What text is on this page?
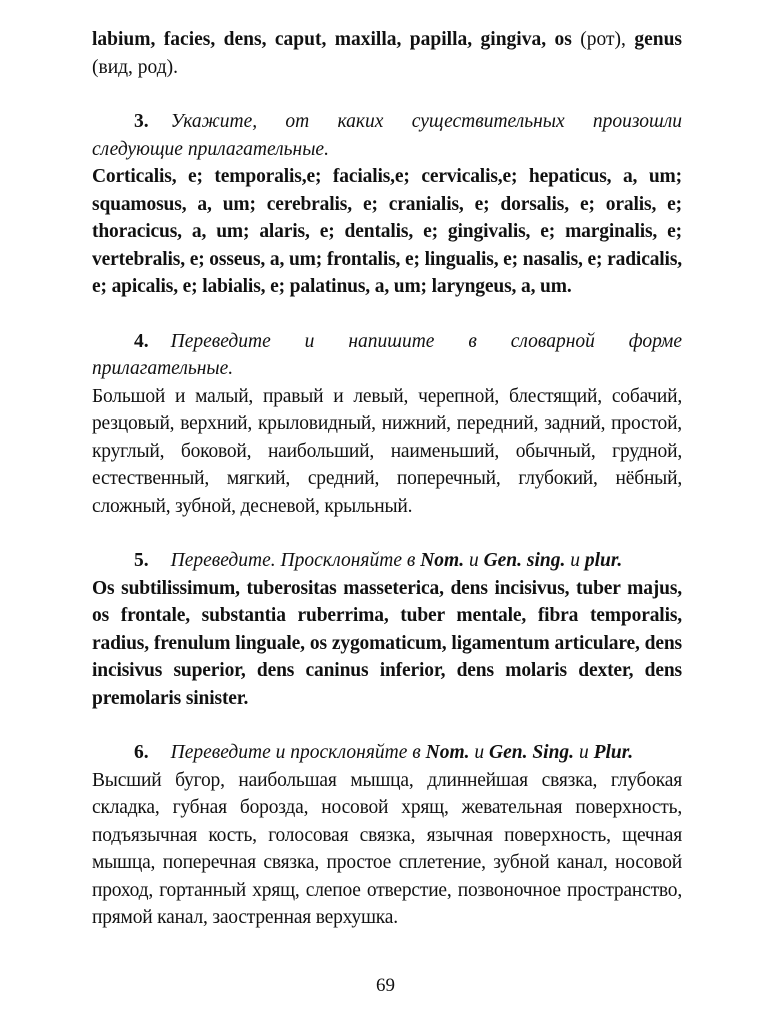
labium, facies, dens, caput, maxilla, papilla, gingiva, os (рот), genus (вид, род).

3. Укажите, от каких существительных произошли следующие прилагательные.

Corticalis, e; temporalis,e; facialis,e; cervicalis,e; hepaticus, a, um; squamosus, a, um; cerebralis, e; cranialis, e; dorsalis, e; oralis, e; thoracicus, a, um; alaris, e; dentalis, e; gingivalis, e; marginalis, e; vertebralis, e; osseus, a, um; frontalis, e; lingualis, e; nasalis, e; radicalis, e; apicalis, e; labialis, e; palatinus, a, um; laryngeus, a, um.

4. Переведите и напишите в словарной форме прилагательные.

Большой и малый, правый и левый, черепной, блестящий, собачий, резцовый, верхний, крыловидный, нижний, передний, задний, простой, круглый, боковой, наибольший, наименьший, обычный, грудной, естественный, мягкий, средний, поперечный, глубокий, нёбный, сложный, зубной, десневой, крыльный.

5. Переведите. Просклоняйте в Nom. и Gen. sing. и plur.

Os subtilissimum, tuberositas masseterica, dens incisivus, tuber majus, os frontale, substantia ruberrima, tuber mentale, fibra temporalis, radius, frenulum linguale, os zygomaticum, ligamentum articulare, dens incisivus superior, dens caninus inferior, dens molaris dexter, dens premolaris sinister.

6. Переведите и просклоняйте в Nom. и Gen. Sing. и Plur.

Высший бугор, наибольшая мышца, длиннейшая связка, глубокая складка, губная борозда, носовой хрящ, жевательная поверхность, подъязычная кость, голосовая связка, язычная поверхность, щечная мышца, поперечная связка, простое сплетение, зубной канал, носовой проход, гортанный хрящ, слепое отверстие, позвоночное пространство, прямой канал, заостренная верхушка.

69
